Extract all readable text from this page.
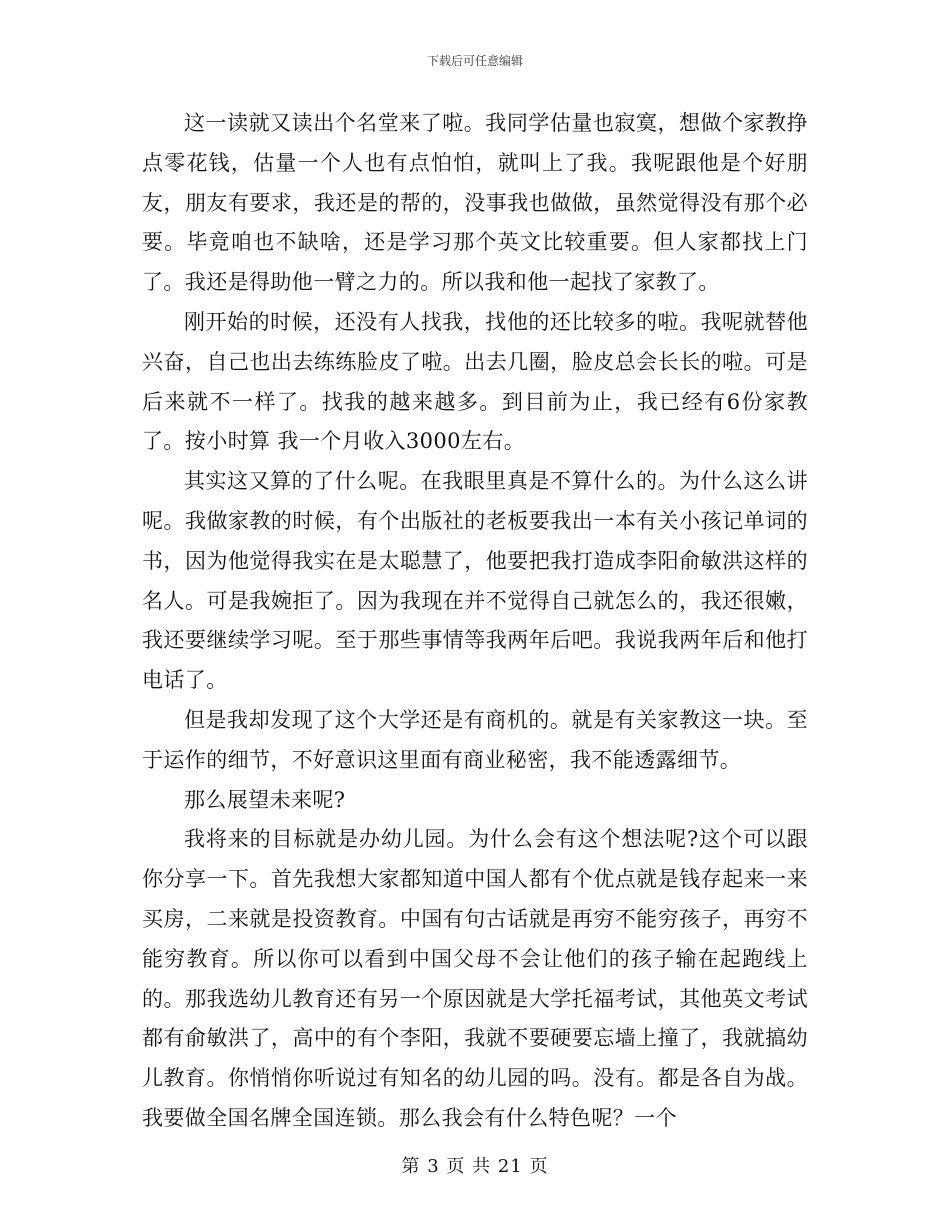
下载后可任意编辑

这一读就又读出个名堂来了啦。我同学估量也寂寞，想做个家教挣点零花钱，估量一个人也有点怕怕，就叫上了我。我呢跟他是个好朋友，朋友有要求，我还是的帮的，没事我也做做，虽然觉得没有那个必要。毕竟咱也不缺啥，还是学习那个英文比较重要。但人家都找上门了。我还是得助他一臂之力的。所以我和他一起找了家教了。

刚开始的时候，还没有人找我，找他的还比较多的啦。我呢就替他兴奋，自己也出去练练脸皮了啦。出去几圈，脸皮总会长长的啦。可是后来就不一样了。找我的越来越多。到目前为止，我已经有6份家教了。按小时算 我一个月收入3000左右。

其实这又算的了什么呢。在我眼里真是不算什么的。为什么这么讲呢。我做家教的时候，有个出版社的老板要我出一本有关小孩记单词的书，因为他觉得我实在是太聪慧了，他要把我打造成李阳俞敏洪这样的名人。可是我婉拒了。因为我现在并不觉得自己就怎么的，我还很嫩，我还要继续学习呢。至于那些事情等我两年后吧。我说我两年后和他打电话了。

但是我却发现了这个大学还是有商机的。就是有关家教这一块。至于运作的细节，不好意识这里面有商业秘密，我不能透露细节。

那么展望未来呢?

我将来的目标就是办幼儿园。为什么会有这个想法呢?这个可以跟你分享一下。首先我想大家都知道中国人都有个优点就是钱存起来一来买房，二来就是投资教育。中国有句古话就是再穷不能穷孩子，再穷不能穷教育。所以你可以看到中国父母不会让他们的孩子输在起跑线上的。那我选幼儿教育还有另一个原因就是大学托福考试，其他英文考试都有俞敏洪了，高中的有个李阳，我就不要硬要忘墙上撞了，我就搞幼儿教育。你悄悄你听说过有知名的幼儿园的吗。没有。都是各自为战。我要做全国名牌全国连锁。那么我会有什么特色呢？一个

第 3 页 共 21 页
